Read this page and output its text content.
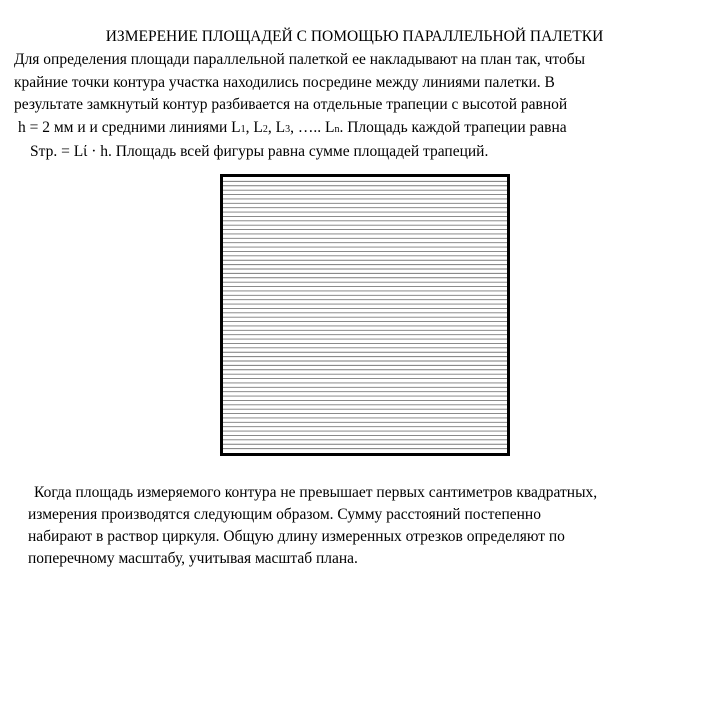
ИЗМЕРЕНИЕ ПЛОЩАДЕЙ С ПОМОЩЬЮ ПАРАЛЛЕЛЬНОЙ ПАЛЕТКИ
Для определения площади параллельной палеткой ее накладывают на план так, чтобы
крайние точки контура участка находились посредине между линиями палетки. В
результате замкнутый контур разбивается на отдельные трапеции с высотой равной
h = 2 мм и и средними линиями L1, L2, L3, ….. Ln. Площадь каждой трапеции равна
Sтр. = Lί · h. Площадь всей фигуры равна сумме площадей трапеций.
Когда площадь измеряемого контура не превышает первых сантиметров квадратных,
измерения производятся следующим образом. Сумму расстояний постепенно
набирают в раствор циркуля. Общую длину измеренных отрезков определяют по
поперечному масштабу, учитывая масштаб плана.
